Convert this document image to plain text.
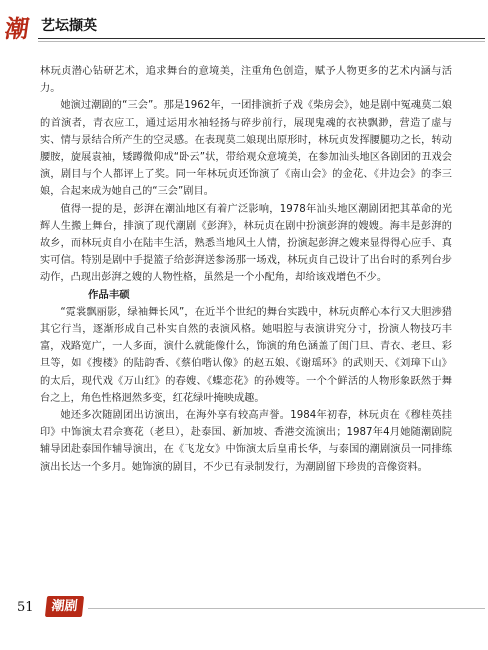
潮 艺坛撷英

林玩贞潜心钻研艺术，追求舞台的意境美，注重角色创造，赋予人物更多的艺术内涵与活力。

她演过潮剧的“三会”。那是1962年，一团排演折子戏《柴房会》，她是剧中冤魂莫二娘的首演者，青衣应工，通过运用水袖轻扬与碎步前行，展现鬼魂的衣袂飘渺，营造了虚与实、情与景结合所产生的空灵感。在表现莫二娘现出原形时，林玩贞发挥腰腿功之长，转动腰胺，旋展袁袖，矮蹲微仰成“卧云”状，带给观众意境美，在参加汕头地区各剧团的丑戏会演，剧目与个人都评上了奖。同一年林玩贞还饰演了《南山会》的金花、《井边会》的李三娘，合起来成为她自己的“三会”剧目。

值得一提的是，彭湃在潮汕地区有着广泛影响，1978年汕头地区潮剧团把其革命的光辉人生搬上舞台，排演了现代潮剧《彭湃》，林玩贞在剧中扮演彭湃的嫂嫂。海丰是彭湃的故乡，而林玩贞自小在陆丰生活，熟悉当地风土人情，扮演起彭湃之嫂来显得得心应手、真实可信。特别是剧中手提篮子给彭湃送参汤那一场戏，林玩贞自己设计了出台时的系列台步动作，凸现出彭湃之嫂的人物性格，虽然是一个小配角，却给该戏增色不少。

作品丰硕

“霓裳飘丽影，绿袖舞长风”，在近半个世纪的舞台实践中，林玩贞醉心本行又大胆涉猎其它行当，逐渐形成自己朴实自然的表演风格。她唱腔与表演讲究分寸，扮演人物技巧丰富，戏路宽广，一人多面，演什么就能像什么，饰演的角色涵盖了闺门旦、青衣、老旦、彩旦等，如《搜楼》的陆韵香、《蔡伯喈认像》的赵五娘、《谢瑶环》的武则天、《刘璋下山》的太后，现代戏《万山红》的春嫂、《蝶恋花》的孙嫂等。一个个鲜活的人物形象跃然于舞台之上，角色性格迥然多变，红花绿叶掩映成趣。

她还多次随剧团出访演出，在海外享有较高声誉。1984年初春，林玩贞在《穆桂英挂印》中饰演太君佘赛花（老旦），赴泰国、新加坡、香港交流演出；1987年4月她随潮剧院辅导团赴泰国作辅导演出，在《飞龙女》中饰演太后皇甫长华，与泰国的潮剧演员一同排练演出长达一个多月。她饰演的剧目，不少已有录制发行，为潮剧留下珍贵的音像资料。

51	潮剧
